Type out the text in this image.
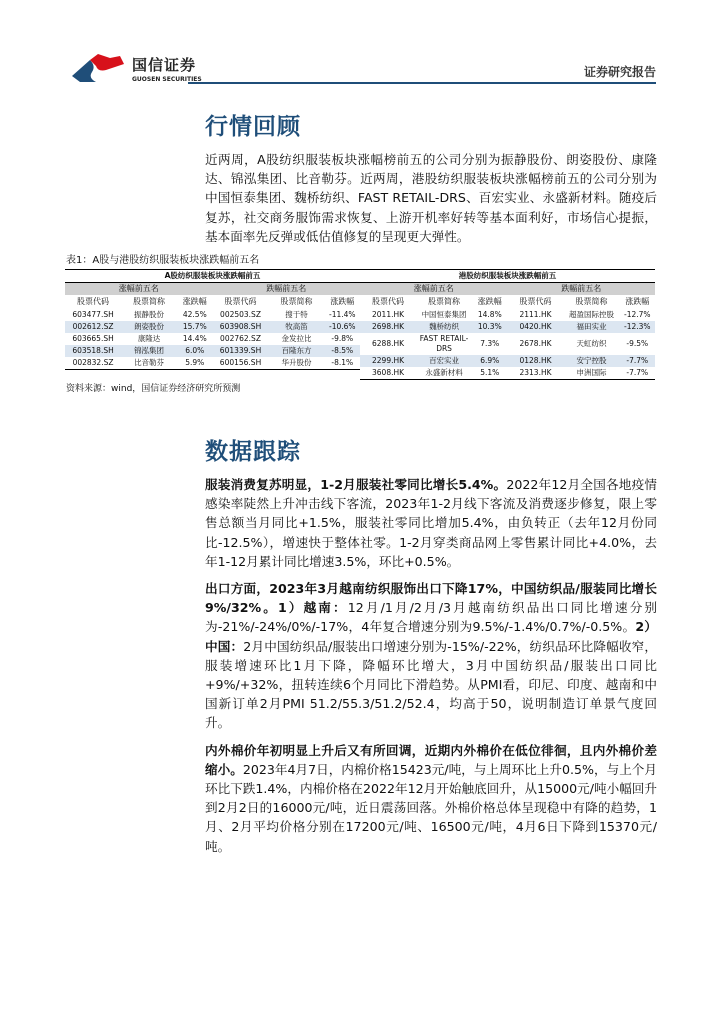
国信证券
GUOSEN SECURITIES	证券研究报告
行情回顾
近两周，A股纺织服装板块涨幅榜前五的公司分别为振静股份、朗姿股份、康隆达、锦泓集团、比音勒芬。近两周，港股纺织服装板块涨幅榜前五的公司分别为中国恒泰集团、魏桥纺织、FAST RETAIL-DRS、百宏实业、永盛新材料。随疫后复苏，社交商务服饰需求恢复、上游开机率好转等基本面利好，市场信心提振，基本面率先反弹或低估值修复的呈现更大弹性。
表1：A股与港股纺织服装板块涨跌幅前五名
A股纺织服装板块涨跌幅前五					
涨幅前五名			跌幅前五名		
股票代码	股票简称	涨跌幅	股票代码	股票简称	涨跌幅
603477.SH	振静股份	42.5%	002503.SZ	搜于特	-11.4%
002612.SZ	朗姿股份	15.7%	603908.SH	牧高笛	-10.6%
603665.SH	康隆达	14.4%	002762.SZ	金发拉比	-9.8%
603518.SH	锦泓集团	6.0%	601339.SH	百隆东方	-8.5%
002832.SZ	比音勒芬	5.9%	600156.SH	华升股份	-8.1%
港股纺织服装板块涨跌幅前五					
涨幅前五名			跌幅前五名		
股票代码	股票简称	涨跌幅	股票代码	股票简称	涨跌幅
2011.HK	中国恒泰集团	14.8%	2111.HK	超盈国际控股	-12.7%
2698.HK	魏桥纺织	10.3%	0420.HK	福田实业	-12.3%
6288.HK	FAST RETAIL-DRS	7.3%	2678.HK	天虹纺织	-9.5%
2299.HK	百宏实业	6.9%	0128.HK	安宁控股	-7.7%
3608.HK	永盛新材料	5.1%	2313.HK	申洲国际	-7.7%
资料来源：wind，国信证券经济研究所预测
数据跟踪
服装消费复苏明显，1-2月服装社零同比增长5.4%。2022年12月全国各地疫情感染率陡然上升冲击线下客流，2023年1-2月线下客流及消费逐步修复，限上零售总额当月同比+1.5%，服装社零同比增加5.4%，由负转正（去年12月份同比-12.5%），增速快于整体社零。1-2月穿类商品网上零售累计同比+4.0%，去年1-12月累计同比增速3.5%，环比+0.5%。
出口方面，2023年3月越南纺织服饰出口下降17%，中国纺织品/服装同比增长9%/32%。1）越南：12月/1月/2月/3月越南纺织品出口同比增速分别为-21%/-24%/0%/-17%，4年复合增速分别为9.5%/-1.4%/0.7%/-0.5%。2）中国：2月中国纺织品/服装出口增速分别为-15%/-22%，纺织品环比降幅收窄，服装增速环比1月下降，降幅环比增大，3月中国纺织品/服装出口同比+9%/+32%，扭转连续6个月同比下滑趋势。从PMI看，印尼、印度、越南和中国新订单2月PMI 51.2/55.3/51.2/52.4，均高于50，说明制造订单景气度回升。
内外棉价年初明显上升后又有所回调，近期内外棉价在低位徘徊，且内外棉价差缩小。2023年4月7日，内棉价格15423元/吨，与上周环比上升0.5%，与上个月环比下跌1.4%，内棉价格在2022年12月开始触底回升，从15000元/吨小幅回升到2月2日的16000元/吨，近日震荡回落。外棉价格总体呈现稳中有降的趋势，1月、2月平均价格分别在17200元/吨、16500元/吨，4月6日下降到15370元/吨。
